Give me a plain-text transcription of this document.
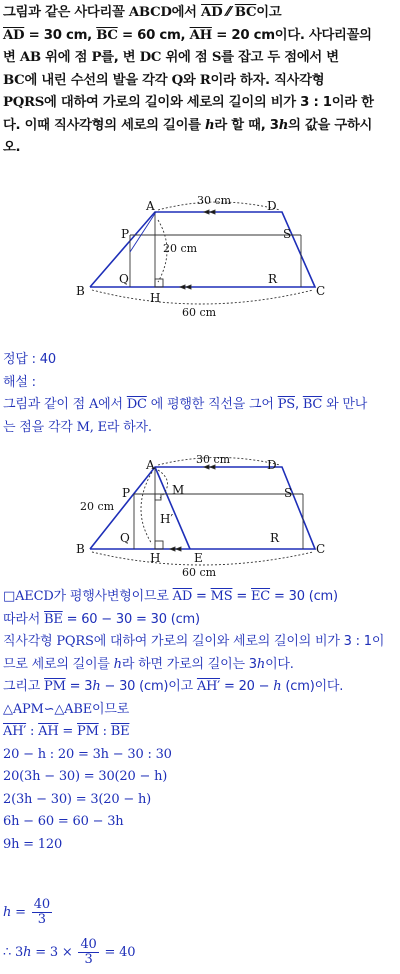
그림과 같은 사다리꼴 ABCD에서 $\overline{AD}$ ⁄⁄ $\overline{BC}$이고
$\overline{AD} = 30$ cm, $\overline{BC} = 60$ cm, $\overline{AH} = 20$ cm이다. 사다리꼴의
변 AB 위에 점 P를, 변 DC 위에 점 S를 잡고 두 점에서 변
BC에 내린 수선의 발을 각각 Q와 R이라 하자. 직사각형
PQRS에 대하여 가로의 길이와 세로의 길이의 비가 3 : 1이라 한
다. 이때 직사각형의 세로의 길이를 h라 할 때, 3h의 값을 구하시
오.
A	D
P	S
Q	R
B	H	C
30 cm
20 cm
60 cm
정답 : 40
해설 :
그림과 같이 점 A에서 $\overline{DC}$ 에 평행한 직선을 그어 $\overline{PS}$, $\overline{BC}$ 와 만나
는 점을 각각 M, E라 하자.
A	D
P	M	S
H′
Q	R
B
H	E
C
30 cm
20 cm
60 cm
□AECD가 평행사변형이므로 $\overline{AD} = \overline{MS} = \overline{EC} = 30$ (cm)
따라서 $\overline{BE} = 60 - 30 = 30$ (cm)
직사각형 PQRS에 대하여 가로의 길이와 세로의 길이의 비가 3 : 1이
므로 세로의 길이를 h라 하면 가로의 길이는 3h이다.
그리고 $\overline{PM} = 3h - 30$ (cm)이고 AH′ = 20 − h (cm)이다.
△APM∽△ABE이므로
AH′ : $\overline{AH} = \overline{PM}$ : $\overline{BE}$
20 − h : 20 = 3h − 30 : 30
20(3h − 30) = 30(20 − h)
2(3h − 30) = 3(20 − h)
6h − 60 = 60 − 3h
9h = 120
$h = \frac{40}{3}$
∴ $3h = 3 \times \frac{40}{3} = 40$
